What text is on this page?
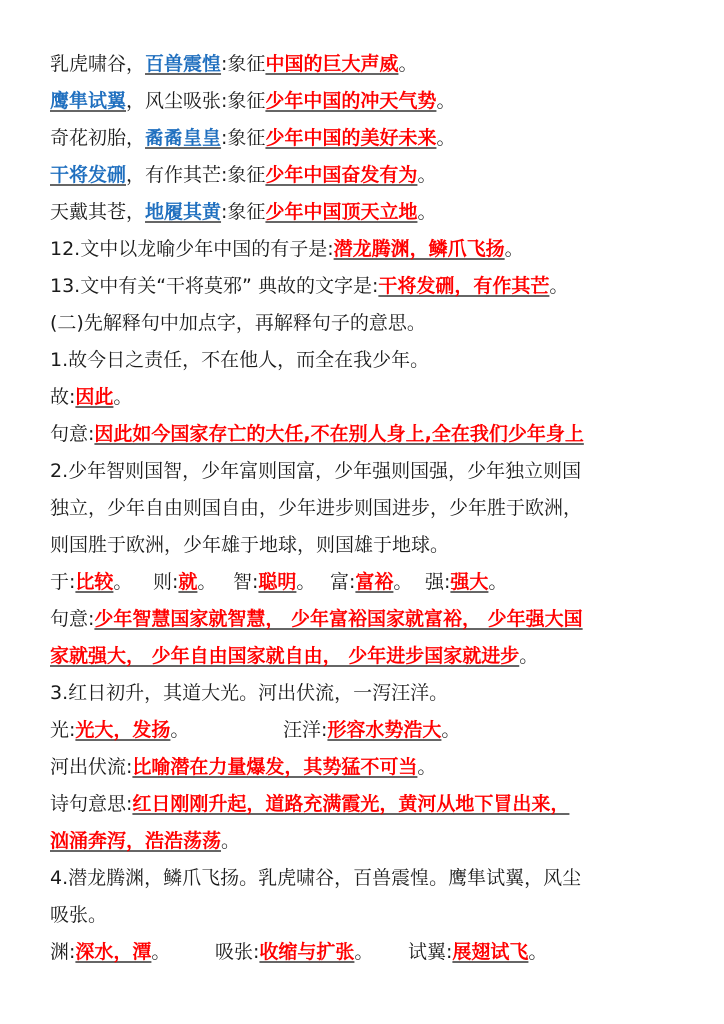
乳虎啸谷，百兽震惶:象征中国的巨大声威。
鹰隼试翼，风尘吸张:象征少年中国的冲天气势。
奇花初胎，矞矞皇皇:象征少年中国的美好未来。
干将发硎，有作其芒:象征少年中国奋发有为。
天戴其苍，地履其黄:象征少年中国顶天立地。
12.文中以龙喻少年中国的有子是:潜龙腾渊，鳞爪飞扬。
13.文中有关“干将莫邪” 典故的文字是:干将发硎，有作其芒。
(二)先解释句中加点字，再解释句子的意思。
1.故今日之责任，不在他人，而全在我少年。
故:因此。
句意:因此如今国家存亡的大任,不在别人身上,全在我们少年身上
2.少年智则国智，少年富则国富，少年强则国强，少年独立则国
独立，少年自由则国自由，少年进步则国进步，少年胜于欧洲，
则国胜于欧洲，少年雄于地球，则国雄于地球。
于:比较。 则:就。 智:聪明。 富:富裕。 强:强大。
句意:少年智慧国家就智慧， 少年富裕国家就富裕， 少年强大国
家就强大， 少年自由国家就自由， 少年进步国家就进步。
3.红日初升，其道大光。河出伏流，一泻汪洋。
光:光大，发扬。	汪洋:形容水势浩大。
河出伏流:比喻潜在力量爆发，其势猛不可当。
诗句意思:红日刚刚升起，道路充满霞光，黄河从地下冒出来，
汹涌奔泻，浩浩荡荡。
4.潜龙腾渊，鳞爪飞扬。乳虎啸谷，百兽震惶。鹰隼试翼，风尘
吸张。
渊:深水，潭。 吸张:收缩与扩张。 试翼:展翅试飞。
